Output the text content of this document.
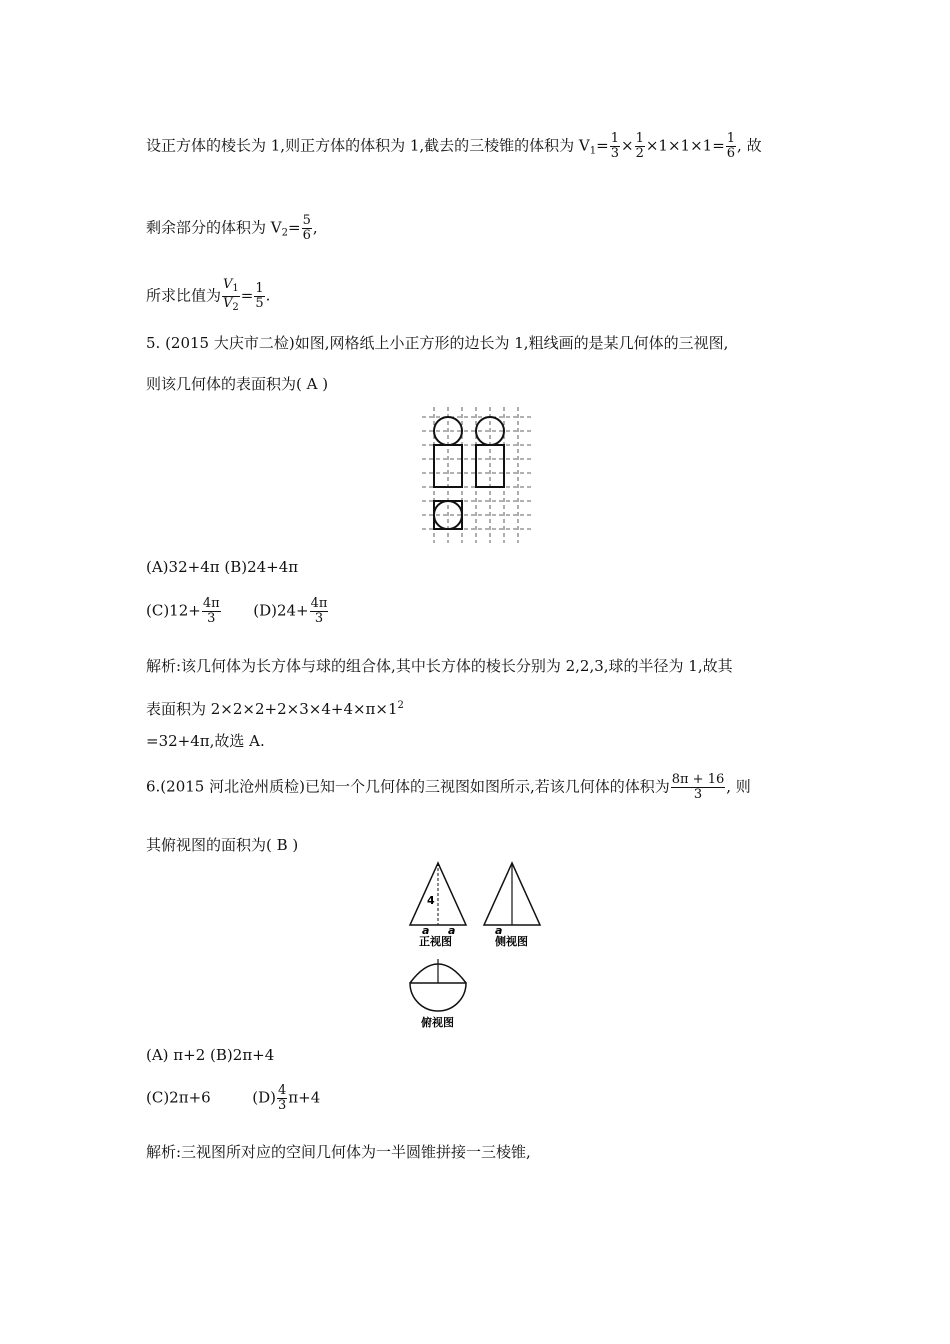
设正方体的棱长为 1,则正方体的体积为 1,截去的三棱锥的体积为 $V_1= \frac{1}{3} \times \frac{1}{2} \times 1\times 1\times 1= \frac{1}{6}$ , 故
剩余部分的体积为 $V_2= \frac{5}{6}$ ,
所求比值为 $\frac{V_1}{V_2} = \frac{1}{5}$ .
5. (2015 大庆市二检)如图,网格纸上小正方形的边长为 1,粗线画的是某几何体的三视图,
则该几何体的表面积为( A )
(A)32+4π (B)24+4π
$(C)12+ \frac{4\pi}{3} (D)24+ \frac{4\pi}{3}$
解析:该几何体为长方体与球的组合体,其中长方体的棱长分别为 2,2,3,球的半径为 1,故其
表面积为 $2\times 2\times 2+2\times 3\times 4+4\times\pi\times 1^2$
=32+4π,故选 A.
6.(2015 河北沧州质检)已知一个几何体的三视图如图所示,若该几何体的体积为 $\frac{8\pi + 16}{3}$ , 则
其俯视图的面积为( B )
4
a a
正视图
a
侧视图
俯视图
(A) π+2 (B)2π+4
(C)2π+6	$(D) \frac{4}{3} \pi+4$
解析:三视图所对应的空间几何体为一半圆锥拼接一三棱锥,
